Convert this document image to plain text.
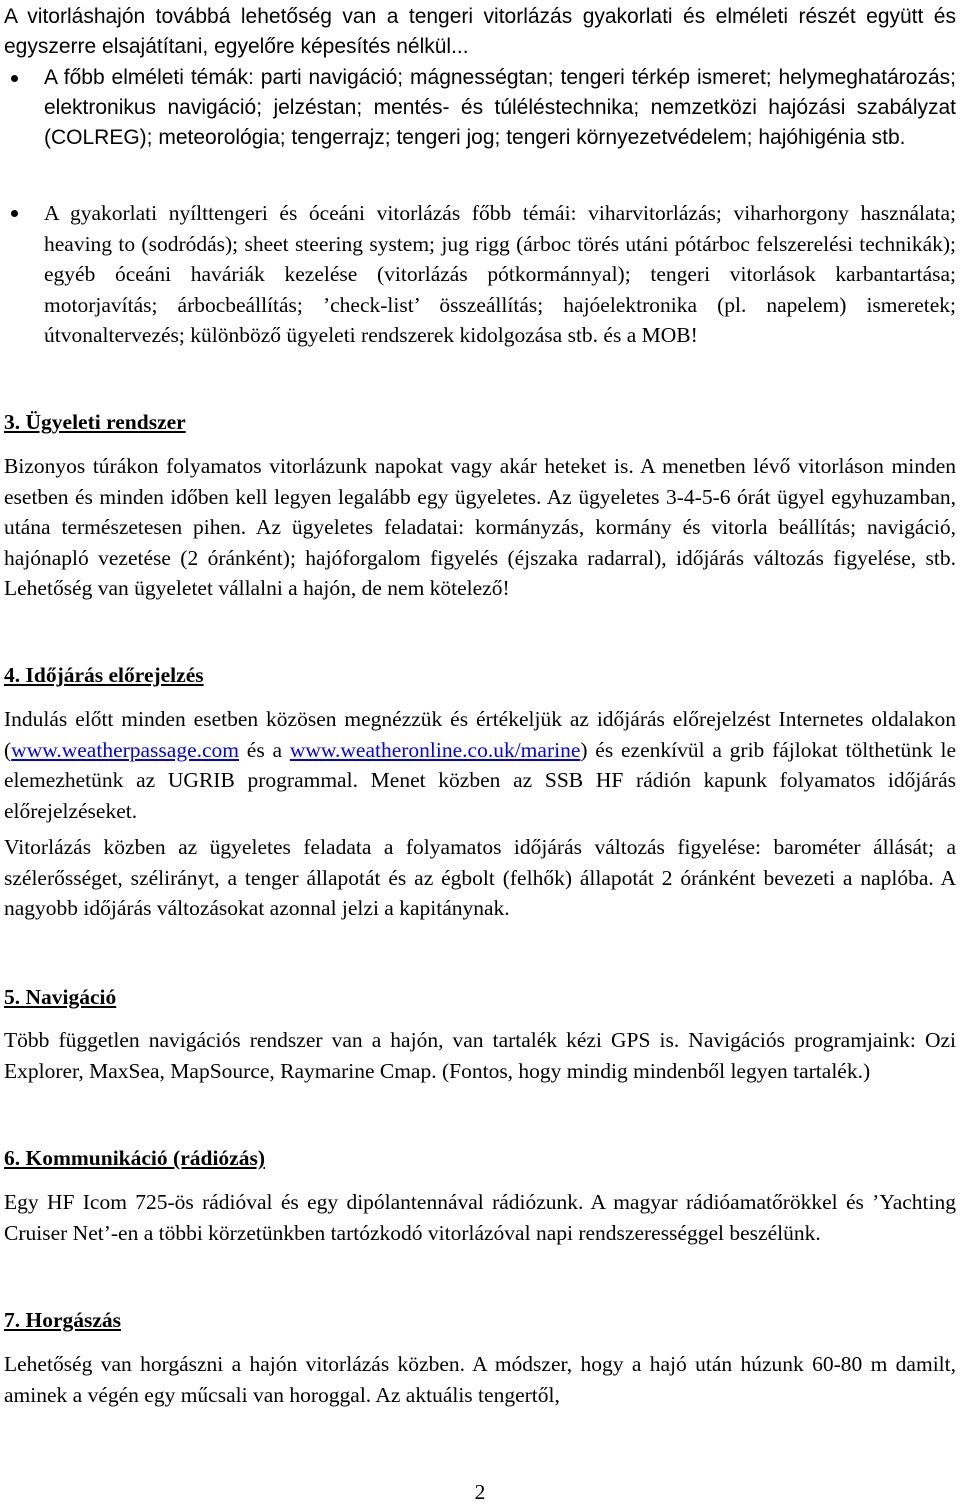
A vitorláshajón továbbá lehetőség van a tengeri vitorlázás gyakorlati és elméleti részét együtt és egyszerre elsajátítani, egyelőre képesítés nélkül...

A főbb elméleti témák: parti navigáció; mágnességtan; tengeri térkép ismeret; helymeghatározás; elektronikus navigáció; jelzéstan; mentés- és túléléstechnika; nemzetközi hajózási szabályzat (COLREG); meteorológia; tengerrajz; tengeri jog; tengeri környezetvédelem; hajóhigénia stb.
A gyakorlati nyílttengeri és óceáni vitorlázás főbb témái: viharvitorlázás; viharhorgony használata; heaving to (sodródás); sheet steering system; jug rigg (árboc törés utáni pótárboc felszerelési technikák); egyéb óceáni haváriák kezelése (vitorlázás pótkormánnyal); tengeri vitorlások karbantartása; motorjavítás; árbocbeállítás; ’check-list’ összeállítás; hajóelektronika (pl. napelem) ismeretek; útvonaltervezés; különböző ügyeleti rendszerek kidolgozása stb. és a MOB!
3. Ügyeleti rendszer

Bizonyos túrákon folyamatos vitorlázunk napokat vagy akár heteket is. A menetben lévő vitorláson minden esetben és minden időben kell legyen legalább egy ügyeletes. Az ügyeletes 3-4-5-6 órát ügyel egyhuzamban, utána természetesen pihen. Az ügyeletes feladatai: kormányzás, kormány és vitorla beállítás; navigáció, hajónapló vezetése (2 óránként); hajóforgalom figyelés (éjszaka radarral), időjárás változás figyelése, stb. Lehetőség van ügyeletet vállalni a hajón, de nem kötelező!

4. Időjárás előrejelzés

Indulás előtt minden esetben közösen megnézzük és értékeljük az időjárás előrejelzést Internetes oldalakon (www.weatherpassage.com és a www.weatheronline.co.uk/marine) és ezenkívül a grib fájlokat tölthetünk le elemezhetünk az UGRIB programmal. Menet közben az SSB HF rádión kapunk folyamatos időjárás előrejelzéseket.

Vitorlázás közben az ügyeletes feladata a folyamatos időjárás változás figyelése: barométer állását; a szélerősséget, szélirányt, a tenger állapotát és az égbolt (felhők) állapotát 2 óránként bevezeti a naplóba. A nagyobb időjárás változásokat azonnal jelzi a kapitánynak.

5. Navigáció

Több független navigációs rendszer van a hajón, van tartalék kézi GPS is. Navigációs programjaink: Ozi Explorer, MaxSea, MapSource, Raymarine Cmap. (Fontos, hogy mindig mindenből legyen tartalék.)

6. Kommunikáció (rádiózás)

Egy HF Icom 725-ös rádióval és egy dipólantennával rádiózunk. A magyar rádióamatőrökkel és ’Yachting Cruiser Net’-en a többi körzetünkben tartózkodó vitorlázóval napi rendszerességgel beszélünk.

7. Horgászás

Lehetőség van horgászni a hajón vitorlázás közben. A módszer, hogy a hajó után húzunk 60-80 m damilt, aminek a végén egy műcsali van horoggal. Az aktuális tengertől,

2
